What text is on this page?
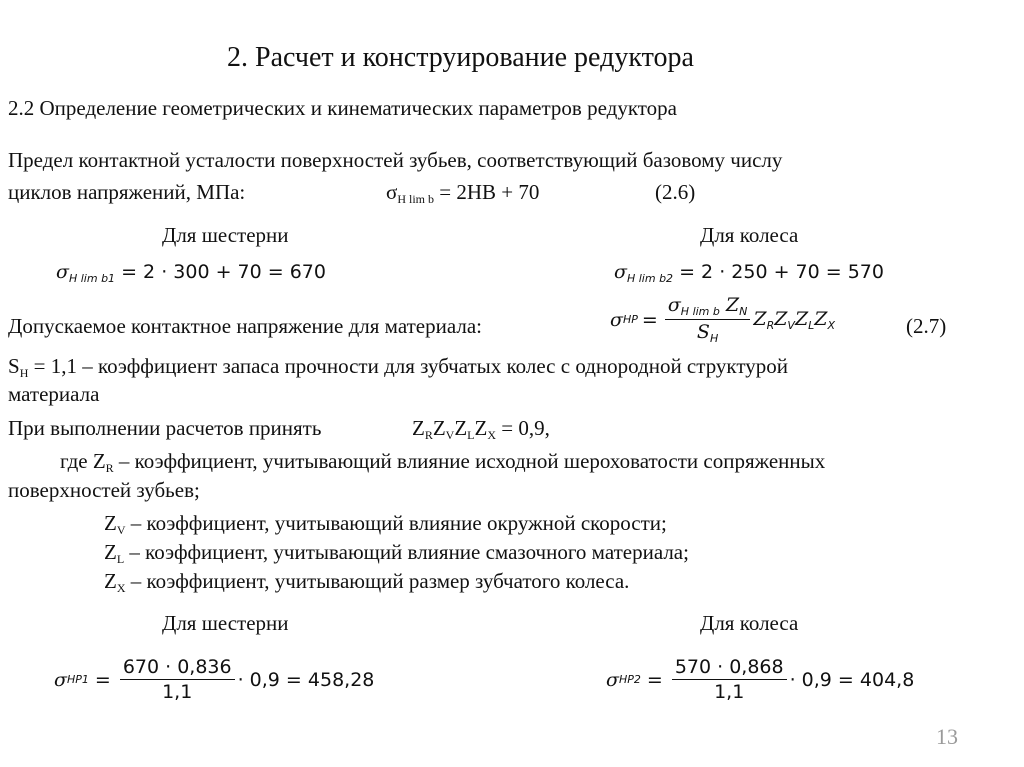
2. Расчет и конструирование редуктора
2.2 Определение геометрических и кинематических параметров редуктора
Предел контактной усталости поверхностей зубьев, соответствующий базовому числу
циклов напряжений, МПа:	$\sigma_{H lim b} = 2HB + 70$	(2.6)
Для шестерни	Для колеса
$\sigma_{H lim b1} = 2 \cdot 300 + 70 = 670$	$\sigma_{H lim b2} = 2 \cdot 250 + 70 = 570$
Допускаемое контактное напряжение для материала:	σ HP = $\frac{\sigma_{H lim b} Z_N}{S_H} Z_RZ_VZ_LZ_X$	(2.7)
$S_H = 1,1$ – коэффициент запаса прочности для зубчатых колес с однородной структурой
материала
При выполнении расчетов принять	$Z_RZ_VZ_LZ_X = 0,9$,
где $Z_R$ – коэффициент, учитывающий влияние исходной шероховатости сопряженных
поверхностей зубьев;
$Z_V$ – коэффициент, учитывающий влияние окружной скорости;
$Z_L$ – коэффициент, учитывающий влияние смазочного материала;
$Z_X$ – коэффициент, учитывающий размер зубчатого колеса.
Для шестерни	Для колеса
σ $HP1 = \frac{670 \cdot 0,836}{1,1} \cdot 0,9 = 458,28$	σ $HP2 = \frac{570 \cdot 0,868}{1,1} \cdot 0,9 = 404,8$
13
